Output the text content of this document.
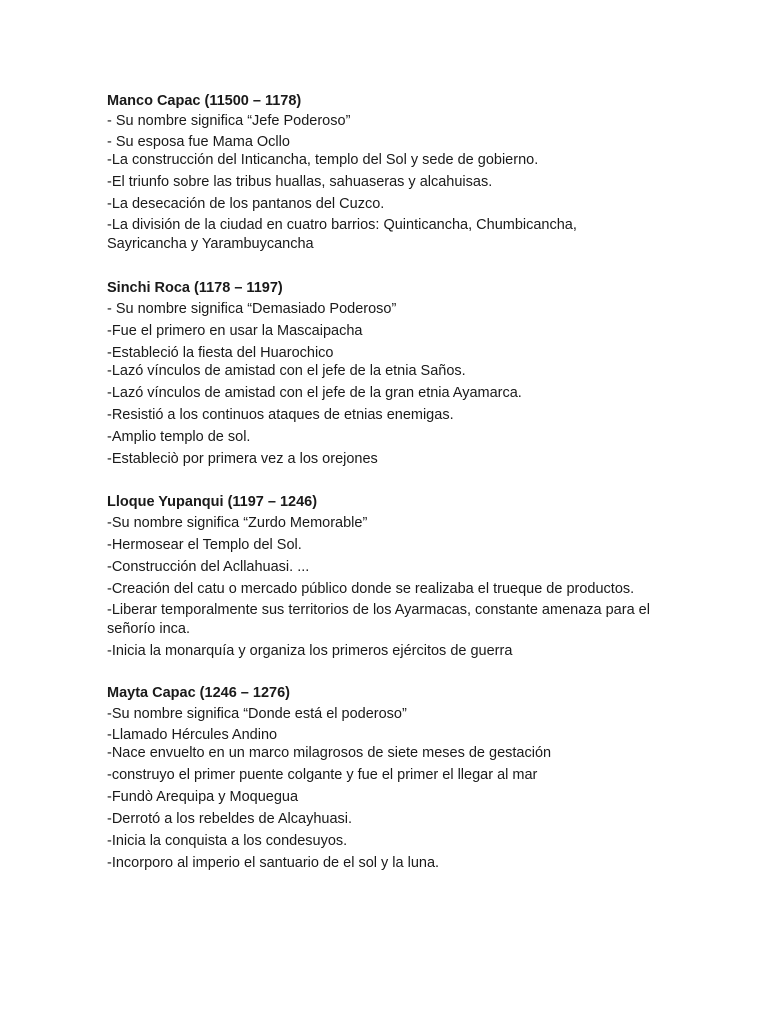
Manco Capac (11500 – 1178)
- Su nombre significa “Jefe Poderoso”
- Su esposa fue Mama Ocllo
-La construcción del Inticancha, templo del Sol y sede de gobierno.
-El triunfo sobre las tribus huallas, sahuaseras y alcahuisas.
-La desecación de los pantanos del Cuzco.
-La división de la ciudad en cuatro barrios: Quinticancha, Chumbicancha, Sayricancha y Yarambuycancha
Sinchi Roca (1178 – 1197)
- Su nombre significa “Demasiado Poderoso”
-Fue el primero en usar la Mascaipacha
-Estableció la fiesta del Huarochico
-Lazó vínculos de amistad con el jefe de la etnia Saños.
-Lazó vínculos de amistad con el jefe de la gran etnia Ayamarca.
-Resistió a los continuos ataques de etnias enemigas.
-Amplio templo de sol.
-Estableciò por primera vez a los orejones
Lloque Yupanqui (1197 – 1246)
-Su nombre significa “Zurdo Memorable”
-Hermosear el Templo del Sol.
-Construcción del Acllahuasi. ...
-Creación del catu o mercado público donde se realizaba el trueque de productos.
-Liberar temporalmente sus territorios de los Ayarmacas, constante amenaza para el señorío inca.
-Inicia la monarquía y organiza los primeros ejércitos de guerra
Mayta Capac (1246 – 1276)
-Su nombre significa “Donde está el poderoso”
-Llamado Hércules Andino
-Nace envuelto en un marco milagrosos de siete meses de gestación
-construyo el primer puente colgante y fue el primer el llegar al mar
-Fundò Arequipa y Moquegua
-Derrotó a los rebeldes de Alcayhuasi.
-Inicia la conquista a los condesuyos.
-Incorporo al imperio el santuario de el sol y la luna.
